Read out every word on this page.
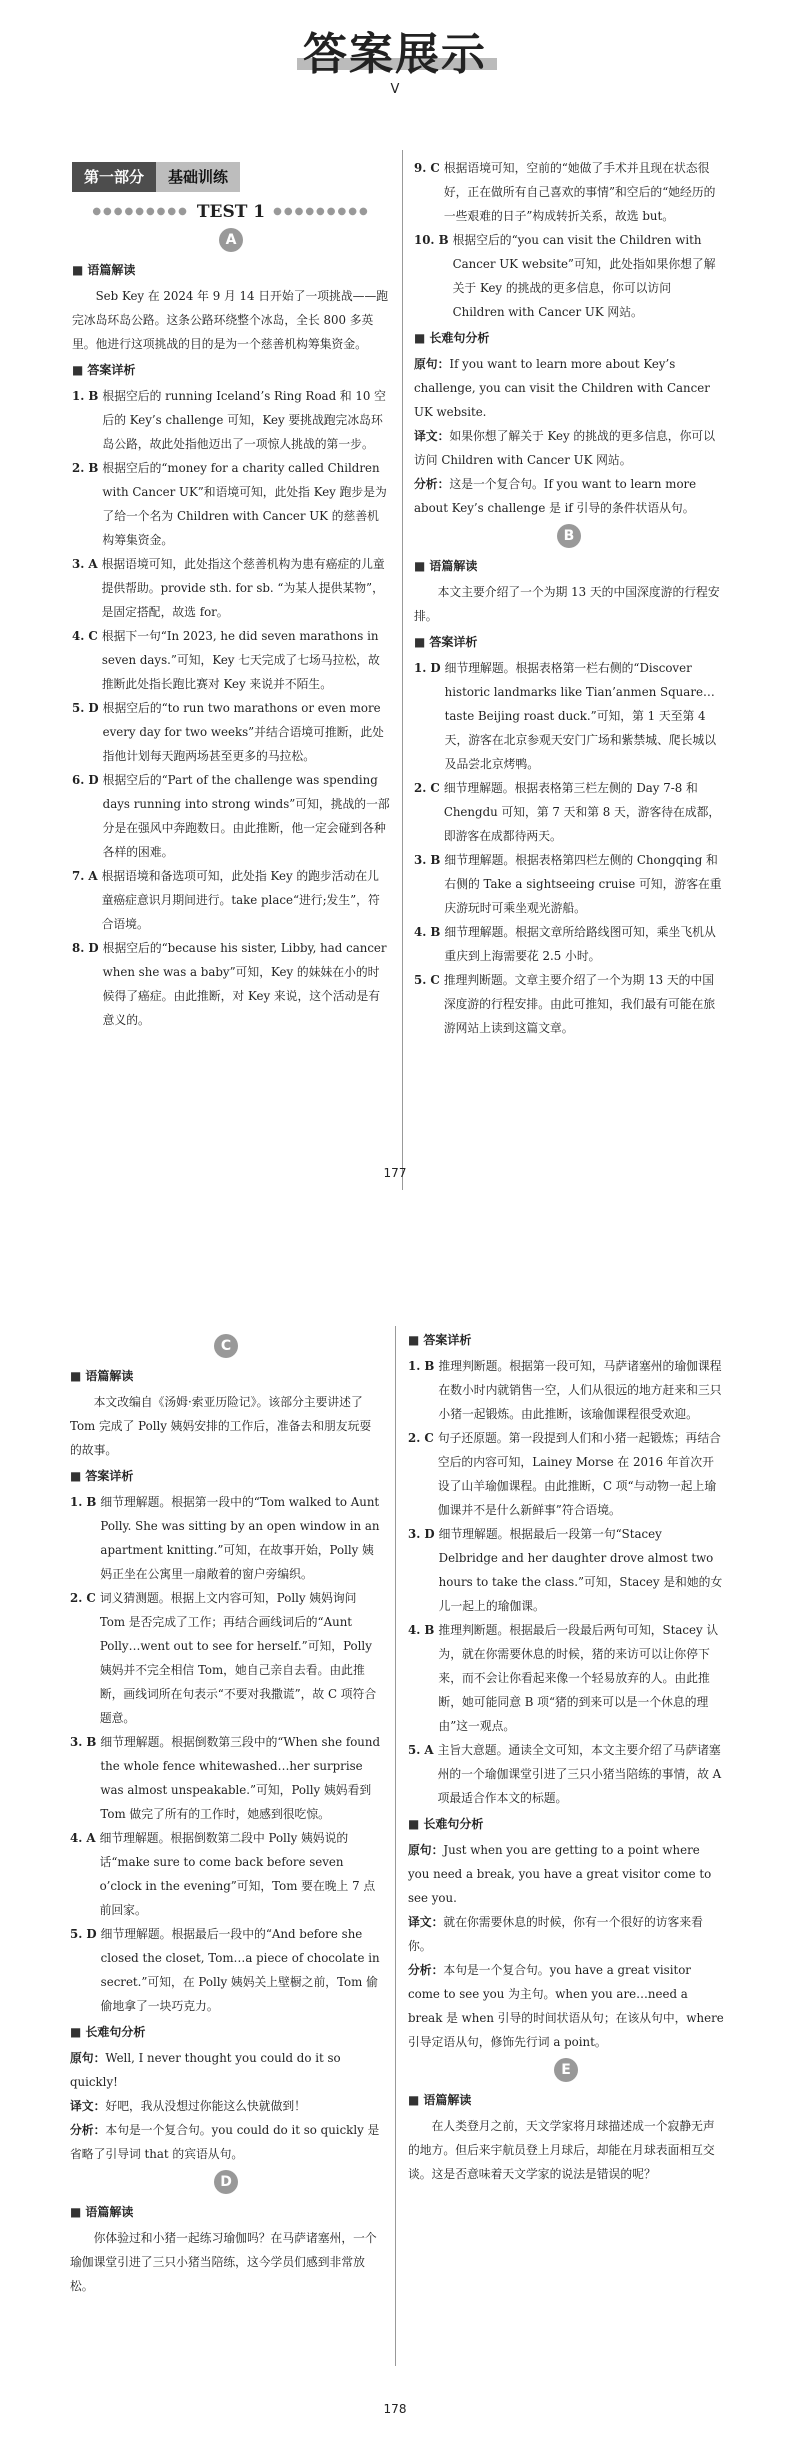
答案展示
V
第一部分	基础训练
●●●●●●●●● TEST 1 ●●●●●●●●●
A
■ 语篇解读

Seb Key 在 2024 年 9 月 14 日开始了一项挑战——跑完冰岛环岛公路。这条公路环绕整个冰岛，全长 800 多英里。他进行这项挑战的目的是为一个慈善机构筹集资金。

■ 答案详析
1. B 根据空后的 running Iceland’s Ring Road 和 10 空后的 Key’s challenge 可知，Key 要挑战跑完冰岛环岛公路，故此处指他迈出了一项惊人挑战的第一步。
2. B 根据空后的“money for a charity called Children with Cancer UK”和语境可知，此处指 Key 跑步是为了给一个名为 Children with Cancer UK 的慈善机构筹集资金。
3. A 根据语境可知，此处指这个慈善机构为患有癌症的儿童提供帮助。provide sth. for sb. “为某人提供某物”，是固定搭配，故选 for。
4. C 根据下一句“In 2023, he did seven marathons in seven days.”可知，Key 七天完成了七场马拉松，故推断此处指长跑比赛对 Key 来说并不陌生。
5. D 根据空后的“to run two marathons or even more every day for two weeks”并结合语境可推断，此处指他计划每天跑两场甚至更多的马拉松。
6. D 根据空后的“Part of the challenge was spending days running into strong winds”可知，挑战的一部分是在强风中奔跑数日。由此推断，他一定会碰到各种各样的困难。
7. A 根据语境和备选项可知，此处指 Key 的跑步活动在儿童癌症意识月期间进行。take place“进行;发生”，符合语境。
8. D 根据空后的“because his sister, Libby, had cancer when she was a baby”可知，Key 的妹妹在小的时候得了癌症。由此推断，对 Key 来说，这个活动是有意义的。
9. C 根据语境可知，空前的“她做了手术并且现在状态很好，正在做所有自己喜欢的事情”和空后的“她经历的一些艰难的日子”构成转折关系，故选 but。
10. B 根据空后的“you can visit the Children with Cancer UK website”可知，此处指如果你想了解关于 Key 的挑战的更多信息，你可以访问 Children with Cancer UK 网站。
■ 长难句分析

原句：If you want to learn more about Key’s challenge, you can visit the Children with Cancer UK website.

译文：如果你想了解关于 Key 的挑战的更多信息，你可以访问 Children with Cancer UK 网站。

分析：这是一个复合句。If you want to learn more about Key’s challenge 是 if 引导的条件状语从句。

B
■ 语篇解读

本文主要介绍了一个为期 13 天的中国深度游的行程安排。

■ 答案详析
1. D 细节理解题。根据表格第一栏右侧的“Discover historic landmarks like Tian’anmen Square…taste Beijing roast duck.”可知，第 1 天至第 4 天，游客在北京参观天安门广场和紫禁城、爬长城以及品尝北京烤鸭。
2. C 细节理解题。根据表格第三栏左侧的 Day 7-8 和 Chengdu 可知，第 7 天和第 8 天，游客待在成都，即游客在成都待两天。
3. B 细节理解题。根据表格第四栏左侧的 Chongqing 和右侧的 Take a sightseeing cruise 可知，游客在重庆游玩时可乘坐观光游船。
4. B 细节理解题。根据文章所给路线图可知，乘坐飞机从重庆到上海需要花 2.5 小时。
5. C 推理判断题。文章主要介绍了一个为期 13 天的中国深度游的行程安排。由此可推知，我们最有可能在旅游网站上读到这篇文章。
177
C
■ 语篇解读

本文改编自《汤姆·索亚历险记》。该部分主要讲述了 Tom 完成了 Polly 姨妈安排的工作后，准备去和朋友玩耍的故事。

■ 答案详析
1. B 细节理解题。根据第一段中的“Tom walked to Aunt Polly. She was sitting by an open window in an apartment knitting.”可知，在故事开始，Polly 姨妈正坐在公寓里一扇敞着的窗户旁编织。
2. C 词义猜测题。根据上文内容可知，Polly 姨妈询问 Tom 是否完成了工作；再结合画线词后的“Aunt Polly…went out to see for herself.”可知，Polly 姨妈并不完全相信 Tom，她自己亲自去看。由此推断，画线词所在句表示“不要对我撒谎”，故 C 项符合题意。
3. B 细节理解题。根据倒数第三段中的“When she found the whole fence whitewashed…her surprise was almost unspeakable.”可知，Polly 姨妈看到 Tom 做完了所有的工作时，她感到很吃惊。
4. A 细节理解题。根据倒数第二段中 Polly 姨妈说的话“make sure to come back before seven o’clock in the evening”可知，Tom 要在晚上 7 点前回家。
5. D 细节理解题。根据最后一段中的“And before she closed the closet, Tom…a piece of chocolate in secret.”可知，在 Polly 姨妈关上壁橱之前，Tom 偷偷地拿了一块巧克力。
■ 长难句分析

原句：Well, I never thought you could do it so quickly!

译文：好吧，我从没想过你能这么快就做到！

分析：本句是一个复合句。you could do it so quickly 是省略了引导词 that 的宾语从句。

D
■ 语篇解读

你体验过和小猪一起练习瑜伽吗？在马萨诸塞州，一个瑜伽课堂引进了三只小猪当陪练，这今学员们感到非常放松。

■ 答案详析
1. B 推理判断题。根据第一段可知，马萨诸塞州的瑜伽课程在数小时内就销售一空，人们从很远的地方赶来和三只小猪一起锻炼。由此推断，该瑜伽课程很受欢迎。
2. C 句子还原题。第一段提到人们和小猪一起锻炼；再结合空后的内容可知，Lainey Morse 在 2016 年首次开设了山羊瑜伽课程。由此推断，C 项“与动物一起上瑜伽课并不是什么新鲜事”符合语境。
3. D 细节理解题。根据最后一段第一句“Stacey Delbridge and her daughter drove almost two hours to take the class.”可知，Stacey 是和她的女儿一起上的瑜伽课。
4. B 推理判断题。根据最后一段最后两句可知，Stacey 认为，就在你需要休息的时候，猪的来访可以让你停下来，而不会让你看起来像一个轻易放弃的人。由此推断，她可能同意 B 项“猪的到来可以是一个休息的理由”这一观点。
5. A 主旨大意题。通读全文可知，本文主要介绍了马萨诸塞州的一个瑜伽课堂引进了三只小猪当陪练的事情，故 A 项最适合作本文的标题。
■ 长难句分析

原句：Just when you are getting to a point where you need a break, you have a great visitor come to see you.

译文：就在你需要休息的时候，你有一个很好的访客来看你。

分析：本句是一个复合句。you have a great visitor come to see you 为主句。when you are…need a break 是 when 引导的时间状语从句；在该从句中，where 引导定语从句，修饰先行词 a point。

E
■ 语篇解读

在人类登月之前，天文学家将月球描述成一个寂静无声的地方。但后来宇航员登上月球后，却能在月球表面相互交谈。这是否意味着天文学家的说法是错误的呢？

178
